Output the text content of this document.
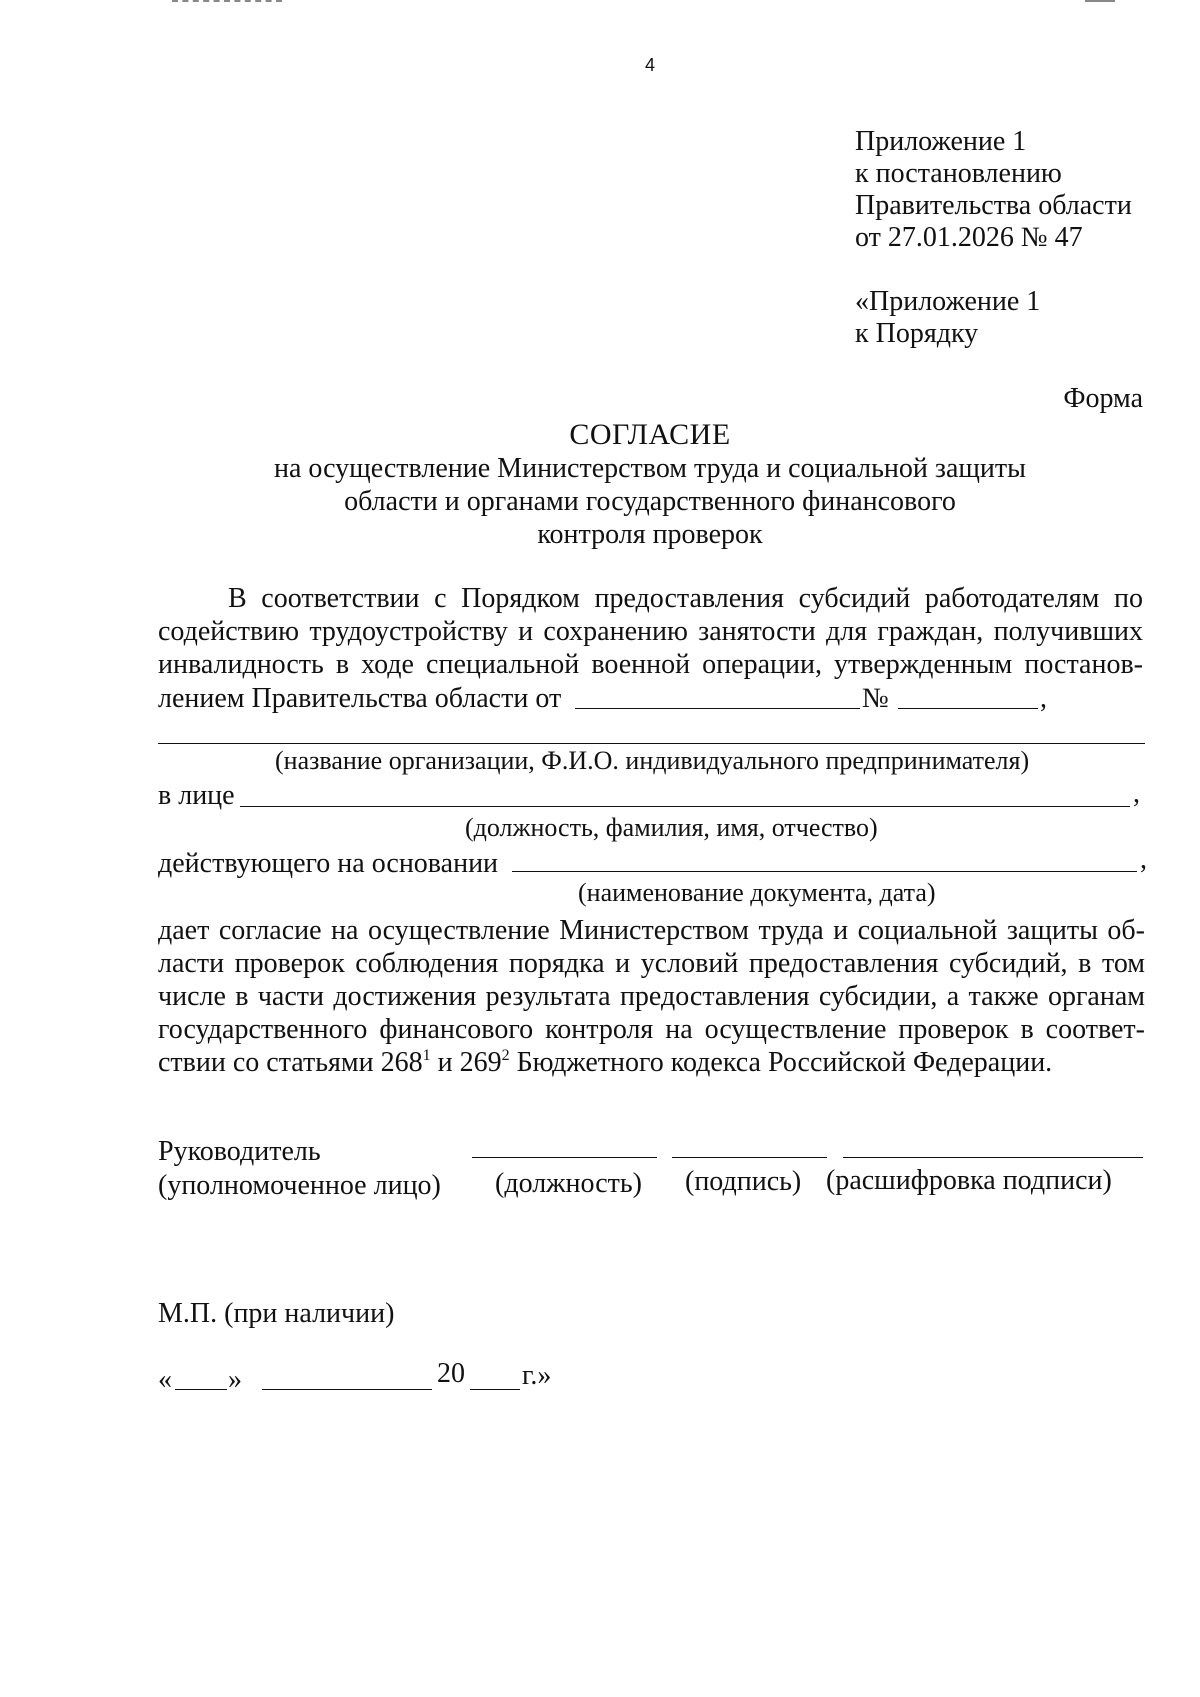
4
Приложение 1
к постановлению
Правительства области
от 27.01.2026 № 47
«Приложение 1
к Порядку
Форма
СОГЛАСИЕ
на осуществление Министерством труда и социальной защиты
области и органами государственного финансового
контроля проверок
В соответствии с Порядком предоставления субсидий работодателям по
содействию трудоустройству и сохранению занятости для граждан, получивших
инвалидность в ходе специальной военной операции, утвержденным постанов-
лением Правительства области от	№	,
(название организации, Ф.И.О. индивидуального предпринимателя)
в лице	,
(должность, фамилия, имя, отчество)
действующего на основании	,
(наименование документа, дата)
дает согласие на осуществление Министерством труда и социальной защиты об-
ласти проверок соблюдения порядка и условий предоставления субсидий, в том
числе в части достижения результата предоставления субсидии, а также органам
государственного финансового контроля на осуществление проверок в соответ-
ствии со статьями $268^1$ и $269^2$ Бюджетного кодекса Российской Федерации.
Руководитель
(уполномоченное лицо) (должность) (подпись) (расшифровка подписи)
М.П. (при наличии)
« »	20 г.»
